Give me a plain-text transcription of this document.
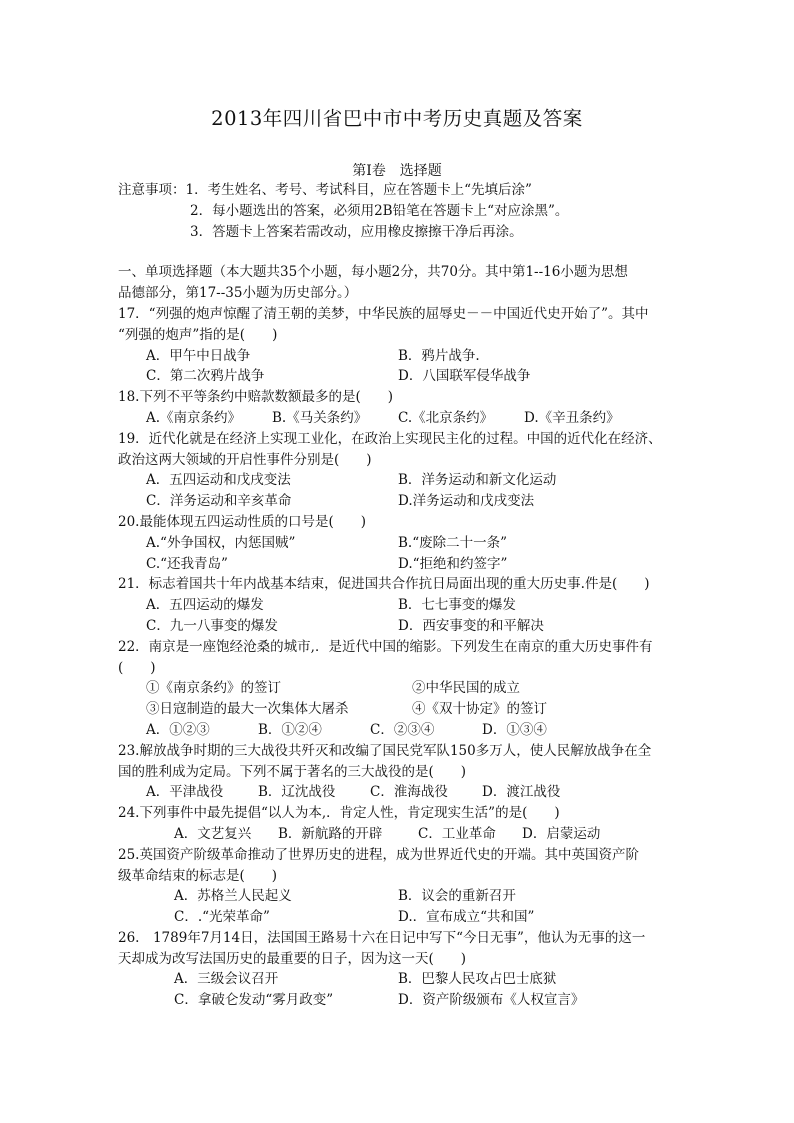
2013年四川省巴中市中考历史真题及答案
第Ⅰ卷　选择题
注意事项：1．考生姓名、考号、考试科目，应在答题卡上“先填后涂”
2．每小题选出的答案，必须用2B铅笔在答题卡上“对应涂黑”。
3．答题卡上答案若需改动，应用橡皮擦擦干净后再涂。
一、单项选择题（本大题共35个小题，每小题2分，共70分。其中第1--16小题为思想
品德部分，第17--35小题为历史部分。）
17．“列强的炮声惊醒了清王朝的美梦，中华民族的屈辱史－－中国近代史开始了”。其中
“列强的炮声”指的是(　　)
A．甲午中日战争	B．鸦片战争.
C．第二次鸦片战争	D．八国联军侵华战争
18.下列不平等条约中赔款数额最多的是(　　)
A.《南京条约》	B.《马关条约》	C.《北京条约》	D.《辛丑条约》
19．近代化就是在经济上实现工业化，在政治上实现民主化的过程。中国的近代化在经济、
政治这两大领域的开启性事件分别是(　　)
A．五四运动和戊戌变法	B．洋务运动和新文化运动
C．洋务运动和辛亥革命	D.洋务运动和戊戌变法
20.最能体现五四运动性质的口号是(　　)
A.“外争国权，内惩国贼”	B.“废除二十一条”
C.“还我青岛”	D.“拒绝和约签字”
21．标志着国共十年内战基本结束，促进国共合作抗日局面出现的重大历史事.件是(　　)
A．五四运动的爆发	B．七七事变的爆发
C．九一八事变的爆发	D．西安事变的和平解决
22．南京是一座饱经沧桑的城市,．是近代中国的缩影。下列发生在南京的重大历史事件有
(　　)
①《南京条约》的签订	②中华民国的成立
③日寇制造的最大一次集体大屠杀	④《双十协定》的签订
A．①②③	B．①②④	C．②③④	D．①③④
23.解放战争时期的三大战役共歼灭和改编了国民党军队150多万人，使人民解放战争在全
国的胜利成为定局。下列不属于著名的三大战役的是(　　)
A．平津战役	B．辽沈战役	C．淮海战役	D．渡江战役
24.下列事件中最先提倡“以人为本,．肯定人性，肯定现实生活”的是(　　)
A．文艺复兴	B．新航路的开辟	C．工业革命	D．启蒙运动
25.英国资产阶级革命推动了世界历史的进程，成为世界近代史的开端。其中英国资产阶
级革命结束的标志是(　　)
A．苏格兰人民起义	B．议会的重新召开
C．.“光荣革命”	D.．宣布成立“共和国”
26.　1789年7月14日，法国国王路易十六在日记中写下“今日无事”，他认为无事的这一
天却成为改写法国历史的最重要的日子，因为这一天(　　)
A．三级会议召开	B．巴黎人民攻占巴士底狱
C．拿破仑发动“雾月政变”	D．资产阶级颁布《人权宣言》
